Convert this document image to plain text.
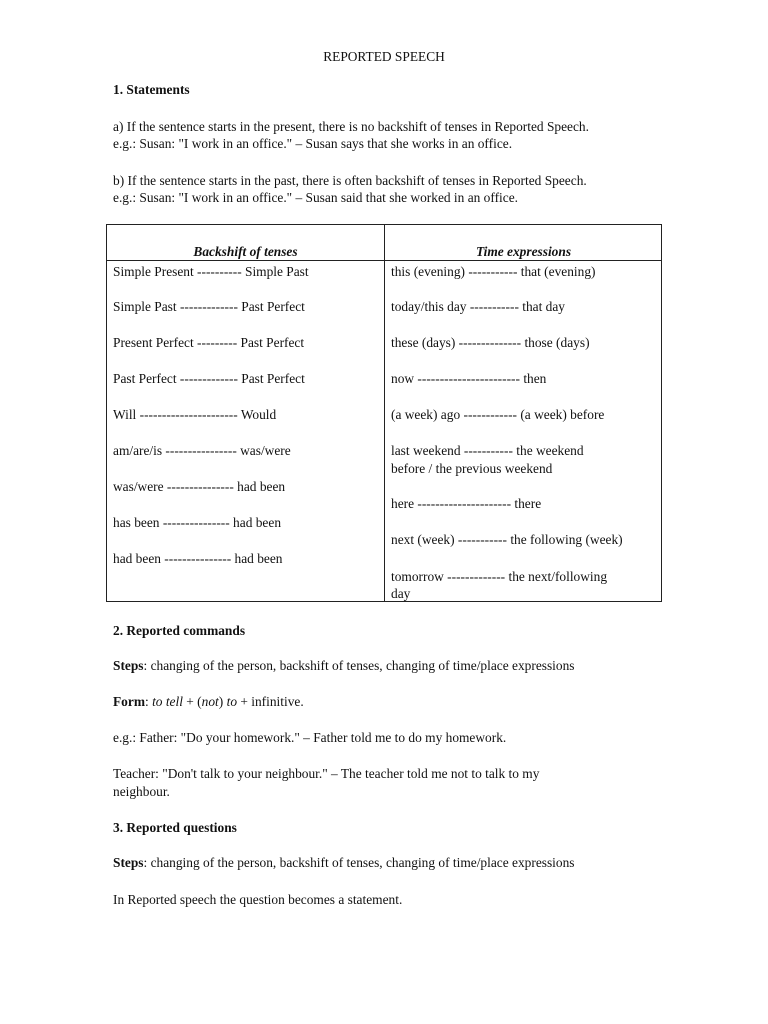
REPORTED SPEECH
1. Statements
a) If the sentence starts in the present, there is no backshift of tenses in Reported Speech.
e.g.: Susan: "I work in an office." – Susan says that she works in an office.
b) If the sentence starts in the past, there is often backshift of tenses in Reported Speech.
e.g.: Susan: "I work in an office." – Susan said that she worked in an office.
Backshift of tenses	Time expressions
Simple Present ---------- Simple Past
Simple Past ------------- Past Perfect
Present Perfect --------- Past Perfect
Past Perfect ------------- Past Perfect
Will ---------------------- Would
am/are/is ---------------- was/were
was/were --------------- had been
has been --------------- had been
had been --------------- had been
this (evening) ----------- that (evening)
today/this day ----------- that day
these (days) -------------- those (days)
now ----------------------- then
(a week) ago ------------ (a week) before
last weekend ----------- the weekend
before / the previous weekend
here --------------------- there
next (week) ----------- the following (week)
tomorrow ------------- the next/following
day
2. Reported commands
Steps: changing of the person, backshift of tenses, changing of time/place expressions
Form: to tell + (not) to + infinitive.
e.g.: Father: "Do your homework." – Father told me to do my homework.
Teacher: "Don't talk to your neighbour." – The teacher told me not to talk to my
neighbour.
3. Reported questions
Steps: changing of the person, backshift of tenses, changing of time/place expressions
In Reported speech the question becomes a statement.
